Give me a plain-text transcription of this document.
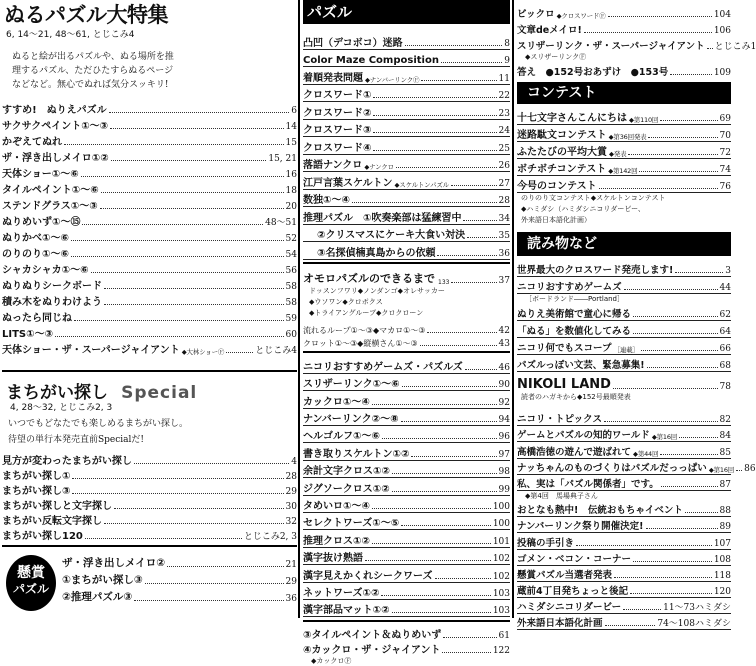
ぬるパズル大特集
6, 14〜21, 48〜61, とじこみ4
ぬると絵が出るパズルや、ぬる場所を推
理するパズル、ただひたすらぬるページ
などなど。無心でぬれば気分スッキリ!
すすめ!　ぬりえパズル	6
サクサクペイント①〜③	14
かぞえてぬれ	15
ザ・浮き出しメイロ①②	15, 21
天体ショー①〜⑥	16
タイルペイント①〜⑥	18
ステンドグラス①〜③	20
ぬりめいず①〜⑮	48〜51
ぬりかべ①〜⑥	52
のりのり①〜⑥	54
シャカシャカ①〜⑥	56
ぬりぬりシークボード	58
積み木をぬりわけよう	58
ぬったら同じね	59
LITS①〜③	60
天体ショー・ザ・スーパージャイアント ◆大林ショーⒻ	とじこみ4
まちがい探し Special
4, 28〜32, とじこみ2, 3
いつでもどなたでも楽しめるまちがい探し。
待望の単行本発売直前Specialだ!
見方が変わったまちがい探し	4
まちがい探し①	28
まちがい探し③	29
まちがい探しと文字探し	30
まちがい反転文字探し	32
まちがい探し120	とじこみ2, 3
懸賞
パズル
ザ・浮き出しメイロ②	21
①まちがい探し③	29
②推理パズル③	36
パズル
凸凹（デコボコ）迷路	8
Color Maze Composition	9
着順発表問題 ◆ナンバーリンクⒻ	11
クロスワード①	22
クロスワード②	23
クロスワード③	24
クロスワード④	25
落語ナンクロ ◆ナンクロ	26
江戸言葉スケルトン ◆スケルトンパズル	27
数独①〜④	28
推理パズル　①吹奏楽部は猛練習中	34
②クリスマスにケーキ大食い対決	35
③名探偵楠真島からの依頼	36
オモロパズルのできるまで 133	37
ドッスンフワリ◆ノンダンゴ◆オレサッカー
◆ウソワン◆クロボクス
◆トライアングルーブ◆クロクローン
流れるループ①〜③◆マカロ①〜③	42
クロット①〜③◆縦横さん①〜③	43
ニコリおすすめゲームズ・パズルズ	46
スリザーリンク①〜⑥	90
カックロ①〜④	92
ナンバーリンク②〜⑧	94
ヘルゴルフ①〜⑥	96
書き取りスケルトン①②	97
余計文字クロス①②	98
ジグソークロス①②	99
タめいロ①〜④	100
セレクトワーズ①〜⑤	100
推理クロス①②	101
漢字抜け熟語	102
漢字見えかくれシークワーズ	102
ネットワーズ①②	103
漢字部品マット①②	103
③タイルペイント＆ぬりめいず	61
④カックロ・ザ・ジャイアント	122
◆カックロⒻ
ビックロ ◆クロスワードⒻ	104
文章deメイロ!	106
スリザーリンク・ザ・スーパージャイアント とじこみ1
◆スリザーリンクⒻ
答え　●152号おあずけ　●153号	109
コンテスト
十七文字さんこんにちは ◆第110回	69
迷路駄文コンテスト ◆第36回発表	70
ふたたびの平均大賞 ◆発表	72
ボチボチコンテスト ◆第142回	74
今号のコンテスト	76
のりのり文コンテスト◆スケルトンコンテスト
◆ハミダシ（ハミダシニコリダービー、
外来語日本語化計画）
読み物など
世界最大のクロスワード発売します!	3
ニコリおすすめゲームズ	44
［ボードランド――Portland］
ぬりえ美術館で童心に帰る	62
「ぬる」を数値化してみる	64
ニコリ何でもスコープ ［連載］	66
パズルっぽい文芸、緊急募集!	68
NIKOLI LAND	78
読者のハガキから◆152号最順発表
ニコリ・トピックス	82
ゲームとパズルの知的ワールド ◆第16回	84
高橋浩徳の遊んで遊ばれて ◆第44回	85
ナッちゃんのものづくりはパズルだっっぱい ◆第16回 86
私、実は「パズル関係者」です。	87
◆第4回　馬場典子さん
おとなも熱中!　伝統おもちゃイベント	88
ナンバーリンク祭り開催決定!	89
投稿の手引き	107
ゴメン・ベコン・コーナー	108
懸賞パズル当選者発表	118
蔵前4丁目発ちょっと後記	120
ハミダシニコリダービー	11〜73ハミダシ
外来語日本語化計画	74〜108ハミダシ
